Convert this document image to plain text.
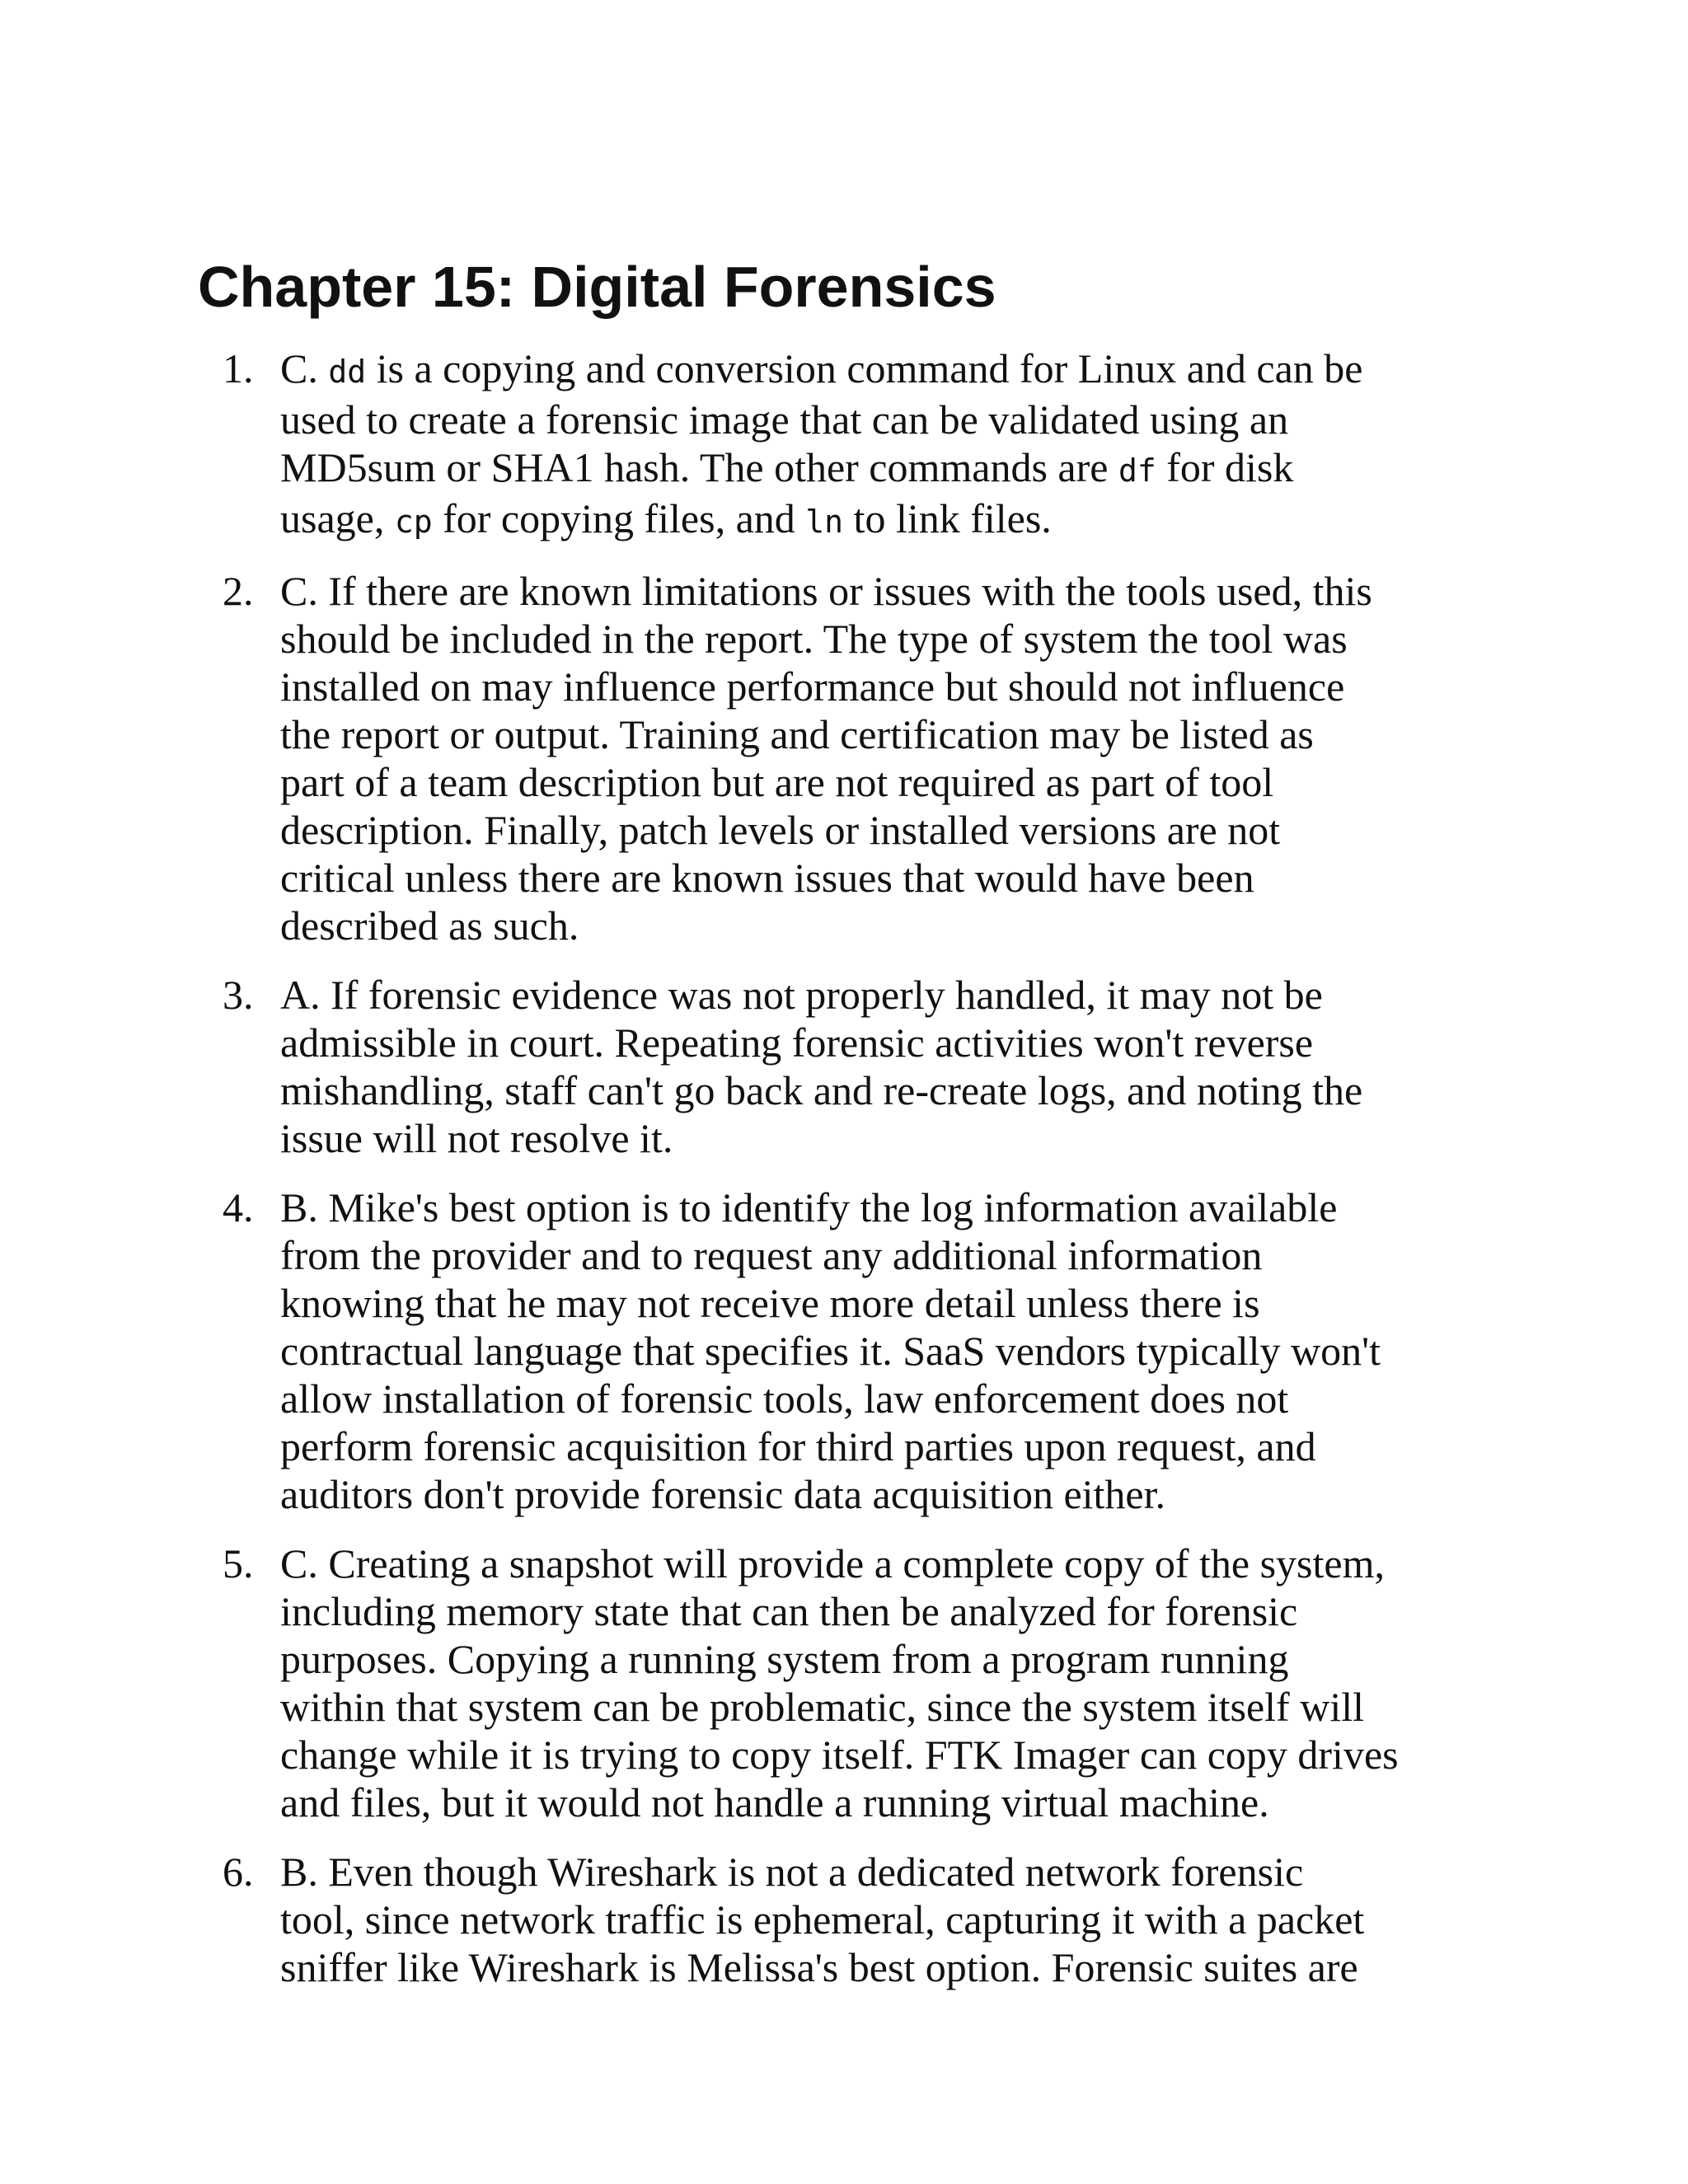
Chapter 15: Digital Forensics
1. C. dd is a copying and conversion command for Linux and can be
used to create a forensic image that can be validated using an
MD5sum or SHA1 hash. The other commands are df for disk
usage, cp for copying files, and ln to link files.
2. C. If there are known limitations or issues with the tools used, this
should be included in the report. The type of system the tool was
installed on may influence performance but should not influence
the report or output. Training and certification may be listed as
part of a team description but are not required as part of tool
description. Finally, patch levels or installed versions are not
critical unless there are known issues that would have been
described as such.
3. A. If forensic evidence was not properly handled, it may not be
admissible in court. Repeating forensic activities won't reverse
mishandling, staff can't go back and re-create logs, and noting the
issue will not resolve it.
4. B. Mike's best option is to identify the log information available
from the provider and to request any additional information
knowing that he may not receive more detail unless there is
contractual language that specifies it. SaaS vendors typically won't
allow installation of forensic tools, law enforcement does not
perform forensic acquisition for third parties upon request, and
auditors don't provide forensic data acquisition either.
5. C. Creating a snapshot will provide a complete copy of the system,
including memory state that can then be analyzed for forensic
purposes. Copying a running system from a program running
within that system can be problematic, since the system itself will
change while it is trying to copy itself. FTK Imager can copy drives
and files, but it would not handle a running virtual machine.
6. B. Even though Wireshark is not a dedicated network forensic
tool, since network traffic is ephemeral, capturing it with a packet
sniffer like Wireshark is Melissa's best option. Forensic suites are
